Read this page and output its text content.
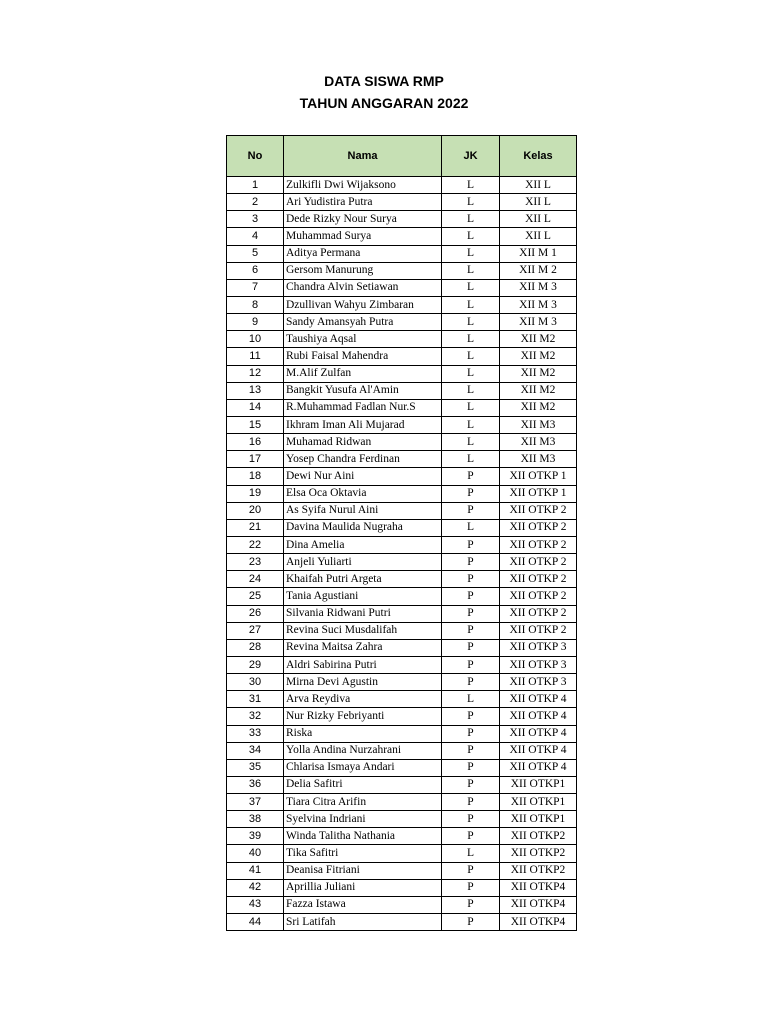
DATA SISWA RMP
TAHUN ANGGARAN 2022
No	Nama	JK	Kelas
1	Zulkifli Dwi Wijaksono	L	XII L
2	Ari Yudistira Putra	L	XII L
3	Dede Rizky Nour Surya	L	XII L
4	Muhammad Surya	L	XII L
5	Aditya Permana	L	XII M 1
6	Gersom Manurung	L	XII M 2
7	Chandra Alvin Setiawan	L	XII M 3
8	Dzullivan Wahyu Zimbaran	L	XII M 3
9	Sandy Amansyah Putra	L	XII M 3
10	Taushiya Aqsal	L	XII M2
11	Rubi Faisal Mahendra	L	XII M2
12	M.Alif Zulfan	L	XII M2
13	Bangkit Yusufa Al'Amin	L	XII M2
14	R.Muhammad Fadlan Nur.S	L	XII M2
15	Ikhram Iman Ali Mujarad	L	XII M3
16	Muhamad Ridwan	L	XII M3
17	Yosep Chandra Ferdinan	L	XII M3
18	Dewi Nur Aini	P	XII OTKP 1
19	Elsa Oca Oktavia	P	XII OTKP 1
20	As Syifa Nurul Aini	P	XII OTKP 2
21	Davina Maulida Nugraha	L	XII OTKP 2
22	Dina Amelia	P	XII OTKP 2
23	Anjeli Yuliarti	P	XII OTKP 2
24	Khaifah Putri Argeta	P	XII OTKP 2
25	Tania Agustiani	P	XII OTKP 2
26	Silvania Ridwani Putri	P	XII OTKP 2
27	Revina Suci Musdalifah	P	XII OTKP 2
28	Revina Maitsa Zahra	P	XII OTKP 3
29	Aldri Sabirina Putri	P	XII OTKP 3
30	Mirna Devi Agustin	P	XII OTKP 3
31	Arva Reydiva	L	XII OTKP 4
32	Nur Rizky Febriyanti	P	XII OTKP 4
33	Riska	P	XII OTKP 4
34	Yolla Andina Nurzahrani	P	XII OTKP 4
35	Chlarisa Ismaya Andari	P	XII OTKP 4
36	Delia Safitri	P	XII OTKP1
37	Tiara Citra Arifin	P	XII OTKP1
38	Syelvina Indriani	P	XII OTKP1
39	Winda Talitha Nathania	P	XII OTKP2
40	Tika Safitri	L	XII OTKP2
41	Deanisa Fitriani	P	XII OTKP2
42	Aprillia Juliani	P	XII OTKP4
43	Fazza Istawa	P	XII OTKP4
44	Sri Latifah	P	XII OTKP4
